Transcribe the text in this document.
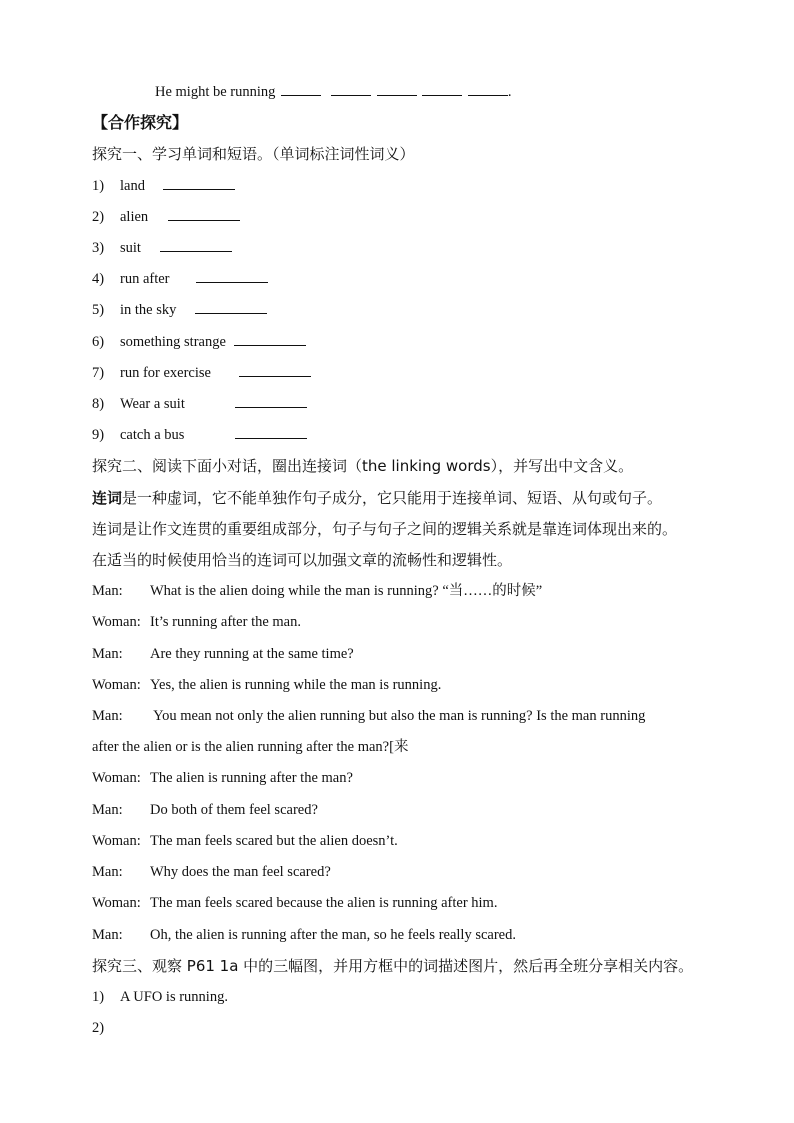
He might be running	.
【合作探究】
探究一、学习单词和短语。（单词标注词性词义）
1) land
2) alien
3) suit
4) run after
5) in the sky
6) something strange
7) run for exercise
8) Wear a suit
9) catch a bus
探究二、阅读下面小对话，圈出连接词（the linking words），并写出中文含义。
连词是一种虚词，它不能单独作句子成分，它只能用于连接单词、短语、从句或句子。
连词是让作文连贯的重要组成部分，句子与句子之间的逻辑关系就是靠连词体现出来的。
在适当的时候使用恰当的连词可以加强文章的流畅性和逻辑性。
Man: What is the alien doing while the man is running? “当……的时候”
Woman: It’s running after the man.
Man: Are they running at the same time?
Woman: Yes, the alien is running while the man is running.
Man: You mean not only the alien running but also the man is running? Is the man running
after the alien or is the alien running after the man?[来
Woman: The alien is running after the man?
Man: Do both of them feel scared?
Woman: The man feels scared but the alien doesn’t.
Man: Why does the man feel scared?
Woman: The man feels scared because the alien is running after him.
Man: Oh, the alien is running after the man, so he feels really scared.
探究三、观察 P61 1a 中的三幅图，并用方框中的词描述图片，然后再全班分享相关内容。
1) A UFO is running.
2)
